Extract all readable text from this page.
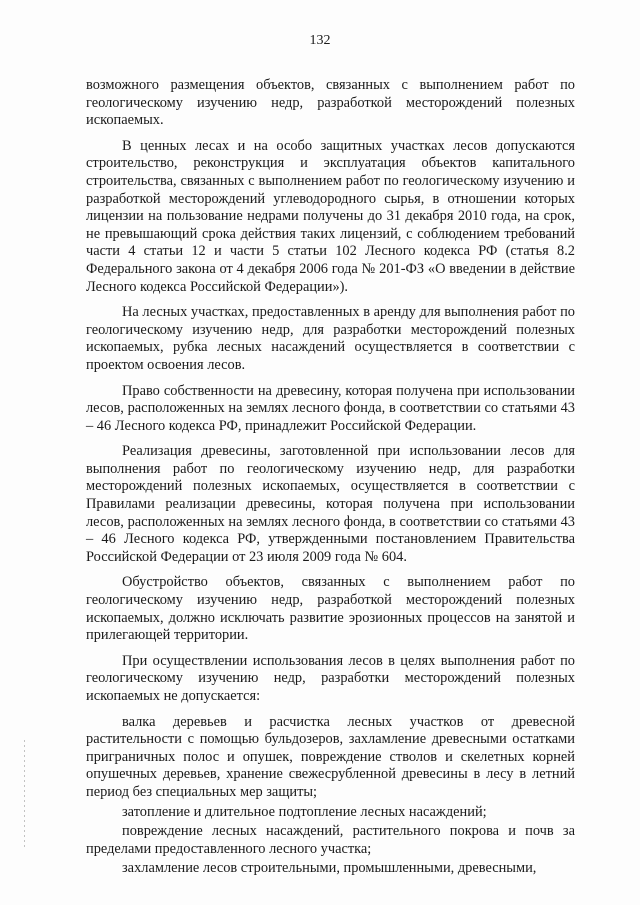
132

возможного размещения объектов, связанных с выполнением работ по геологическому изучению недр, разработкой месторождений полезных ископаемых.

В ценных лесах и на особо защитных участках лесов допускаются строительство, реконструкция и эксплуатация объектов капитального строительства, связанных с выполнением работ по геологическому изучению и разработкой месторождений углеводородного сырья, в отношении которых лицензии на пользование недрами получены до 31 декабря 2010 года, на срок, не превышающий срока действия таких лицензий, с соблюдением требований части 4 статьи 12 и части 5 статьи 102 Лесного кодекса РФ (статья 8.2 Федерального закона от 4 декабря 2006 года № 201-ФЗ «О введении в действие Лесного кодекса Российской Федерации»).

На лесных участках, предоставленных в аренду для выполнения работ по геологическому изучению недр, для разработки месторождений полезных ископаемых, рубка лесных насаждений осуществляется в соответствии с проектом освоения лесов.

Право собственности на древесину, которая получена при использовании лесов, расположенных на землях лесного фонда, в соответствии со статьями 43 – 46 Лесного кодекса РФ, принадлежит Российской Федерации.

Реализация древесины, заготовленной при использовании лесов для выполнения работ по геологическому изучению недр, для разработки месторождений полезных ископаемых, осуществляется в соответствии с Правилами реализации древесины, которая получена при использовании лесов, расположенных на землях лесного фонда, в соответствии со статьями 43 – 46 Лесного кодекса РФ, утвержденными постановлением Правительства Российской Федерации от 23 июля 2009 года № 604.

Обустройство объектов, связанных с выполнением работ по геологическому изучению недр, разработкой месторождений полезных ископаемых, должно исключать развитие эрозионных процессов на занятой и прилегающей территории.

При осуществлении использования лесов в целях выполнения работ по геологическому изучению недр, разработки месторождений полезных ископаемых не допускается:

валка деревьев и расчистка лесных участков от древесной растительности с помощью бульдозеров, захламление древесными остатками приграничных полос и опушек, повреждение стволов и скелетных корней опушечных деревьев, хранение свежесрубленной древесины в лесу в летний период без специальных мер защиты;

затопление и длительное подтопление лесных насаждений;

повреждение лесных насаждений, растительного покрова и почв за пределами предоставленного лесного участка;

захламление лесов строительными, промышленными, древесными,
